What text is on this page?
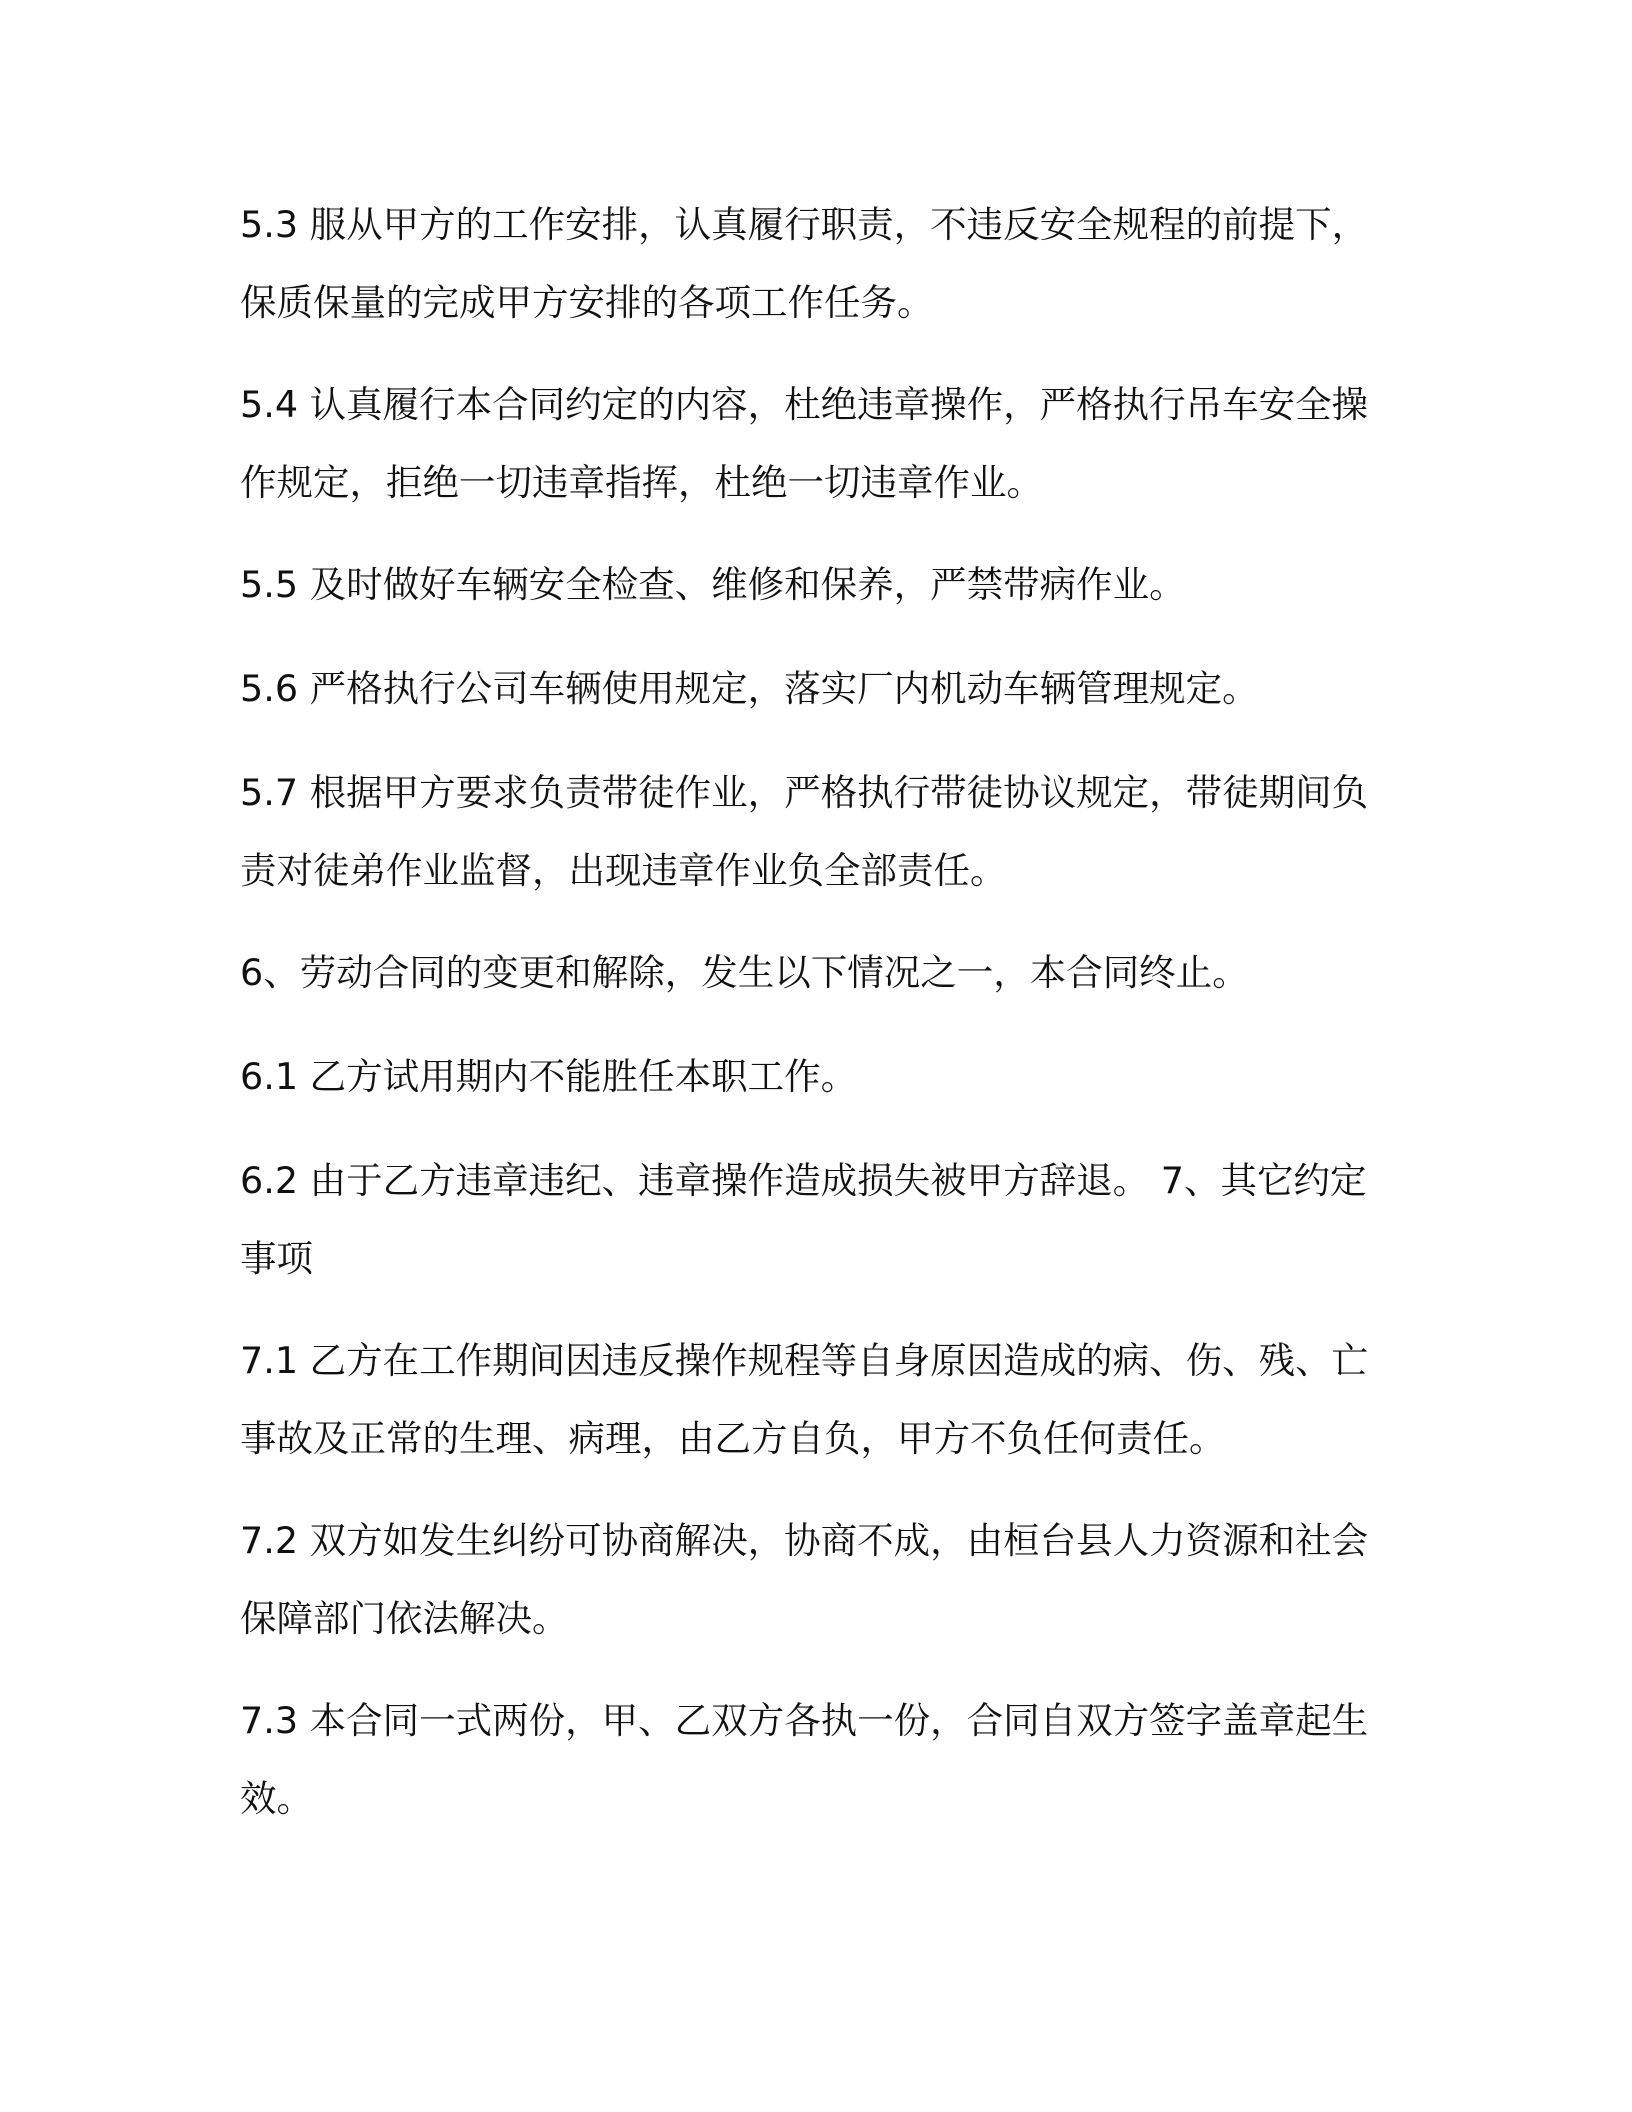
5.3 服从甲方的工作安排，认真履行职责，不违反安全规程的前提下，保质保量的完成甲方安排的各项工作任务。

5.4 认真履行本合同约定的内容，杜绝违章操作，严格执行吊车安全操作规定，拒绝一切违章指挥，杜绝一切违章作业。

5.5 及时做好车辆安全检查、维修和保养，严禁带病作业。

5.6 严格执行公司车辆使用规定，落实厂内机动车辆管理规定。

5.7 根据甲方要求负责带徒作业，严格执行带徒协议规定，带徒期间负责对徒弟作业监督，出现违章作业负全部责任。

6、劳动合同的变更和解除，发生以下情况之一，本合同终止。

6.1 乙方试用期内不能胜任本职工作。

6.2 由于乙方违章违纪、违章操作造成损失被甲方辞退。 7、其它约定事项

7.1 乙方在工作期间因违反操作规程等自身原因造成的病、伤、残、亡事故及正常的生理、病理，由乙方自负，甲方不负任何责任。

7.2 双方如发生纠纷可协商解决，协商不成，由桓台县人力资源和社会保障部门依法解决。

7.3 本合同一式两份，甲、乙双方各执一份，合同自双方签字盖章起生效。
